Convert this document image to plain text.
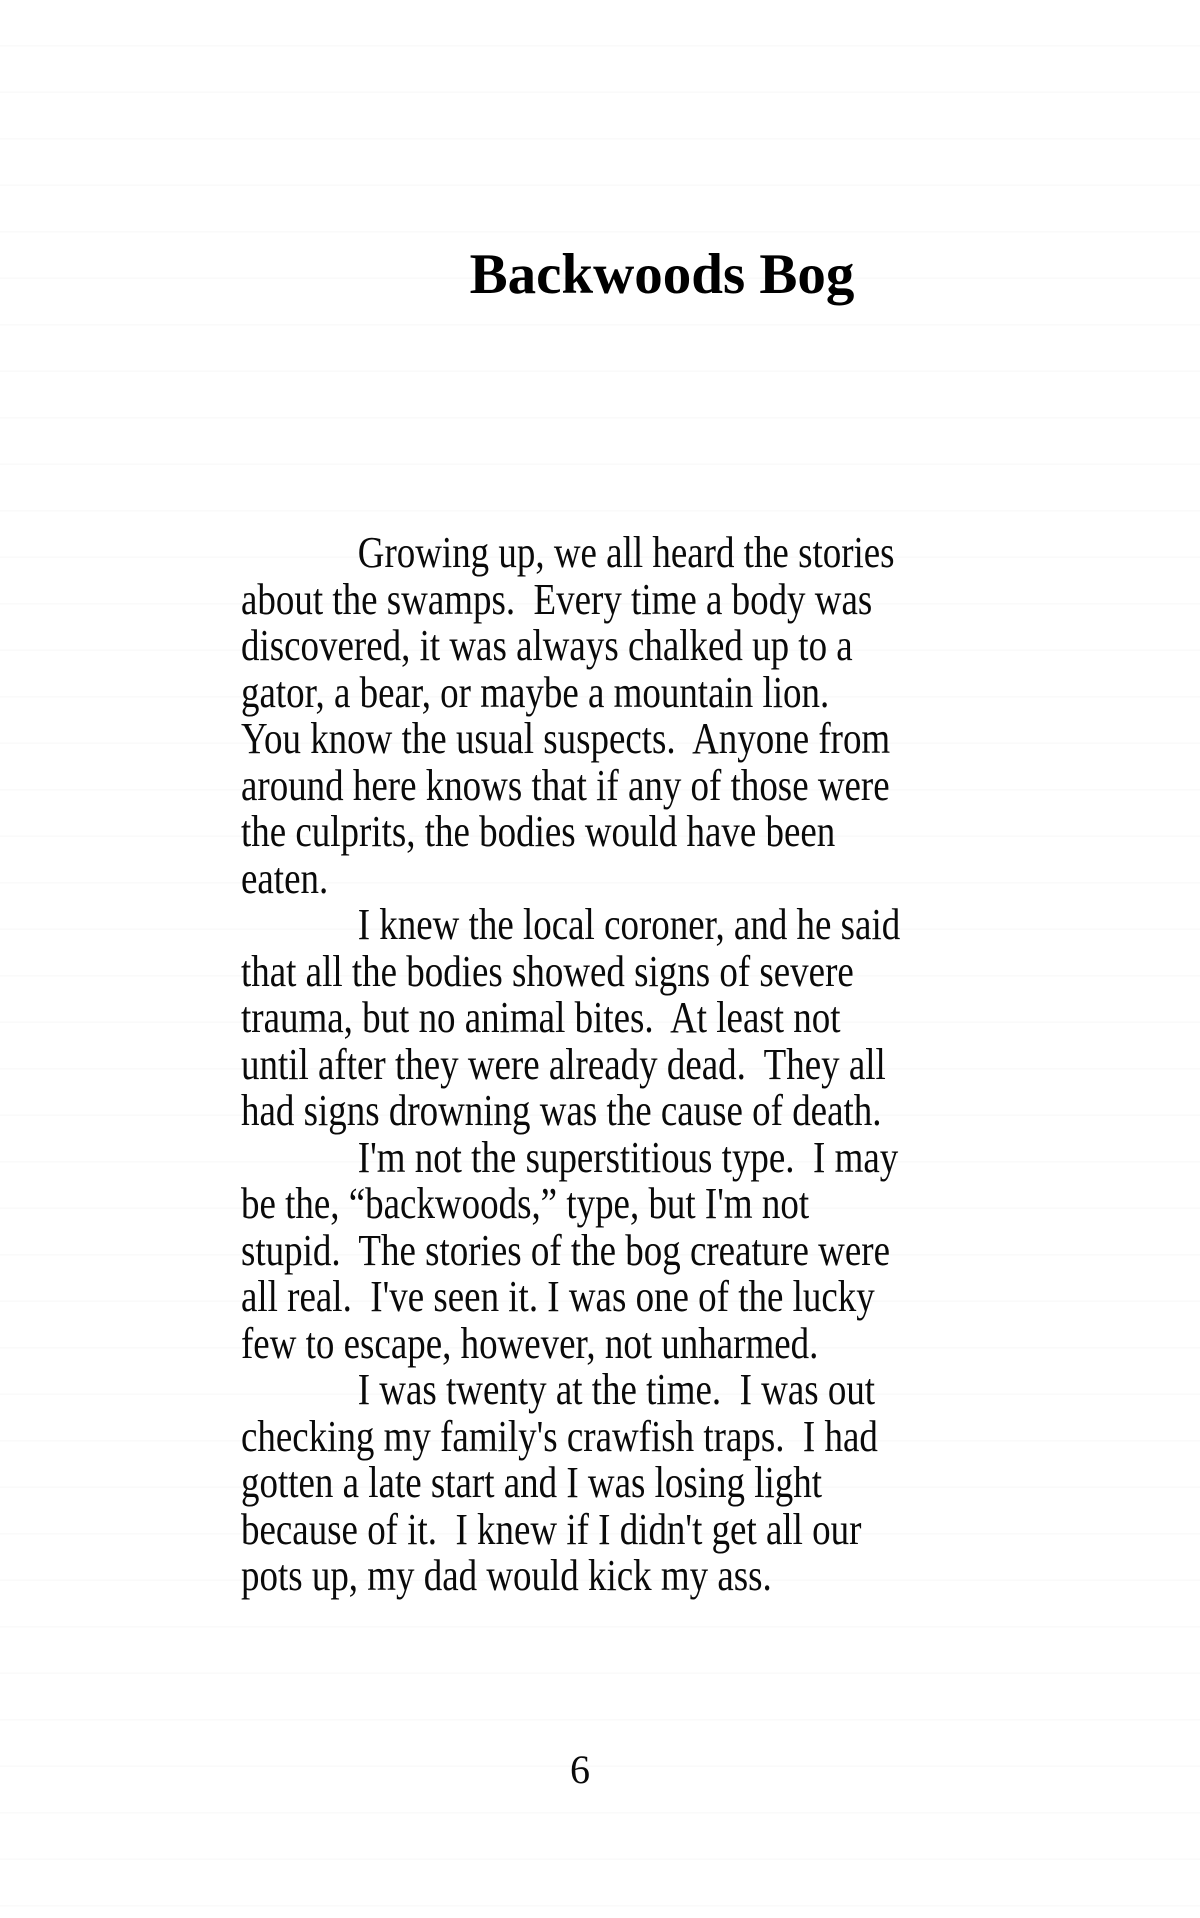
Backwoods Bog
Growing up, we all heard the stories
about the swamps.  Every time a body was
discovered, it was always chalked up to a
gator, a bear, or maybe a mountain lion.
You know the usual suspects.  Anyone from
around here knows that if any of those were
the culprits, the bodies would have been
eaten.
I knew the local coroner, and he said
that all the bodies showed signs of severe
trauma, but no animal bites.  At least not
until after they were already dead.  They all
had signs drowning was the cause of death.
I'm not the superstitious type.  I may
be the, “backwoods,” type, but I'm not
stupid.  The stories of the bog creature were
all real.  I've seen it. I was one of the lucky
few to escape, however, not unharmed.
I was twenty at the time.  I was out
checking my family's crawfish traps.  I had
gotten a late start and I was losing light
because of it.  I knew if I didn't get all our
pots up, my dad would kick my ass.
6
